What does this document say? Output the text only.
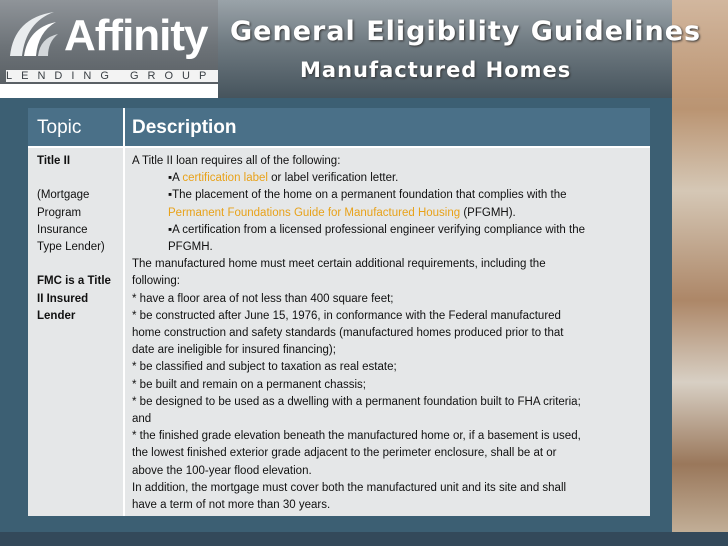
Affinity
LENDING GROUP
General Eligibility Guidelines
Manufactured Homes
Topic	Description
Title II
(Mortgage
Program
Insurance
Type Lender)
FMC is a Title
II Insured
Lender
A Title II loan requires all of the following:
▪A certification label or label verification letter.
▪The placement of the home on a permanent foundation that complies with the
Permanent Foundations Guide for Manufactured Housing (PFGMH).
▪A certification from a licensed professional engineer verifying compliance with the
PFGMH.
The manufactured home must meet certain additional requirements, including the
following:
* have a floor area of not less than 400 square feet;
* be constructed after June 15, 1976, in conformance with the Federal manufactured
home construction and safety standards (manufactured homes produced prior to that
date are ineligible for insured financing);
* be classified and subject to taxation as real estate;
* be built and remain on a permanent chassis;
* be designed to be used as a dwelling with a permanent foundation built to FHA criteria;
and
* the finished grade elevation beneath the manufactured home or, if a basement is used,
the lowest finished exterior grade adjacent to the perimeter enclosure, shall be at or
above the 100-year flood elevation.
In addition, the mortgage must cover both the manufactured unit and its site and shall
have a term of not more than 30 years.
